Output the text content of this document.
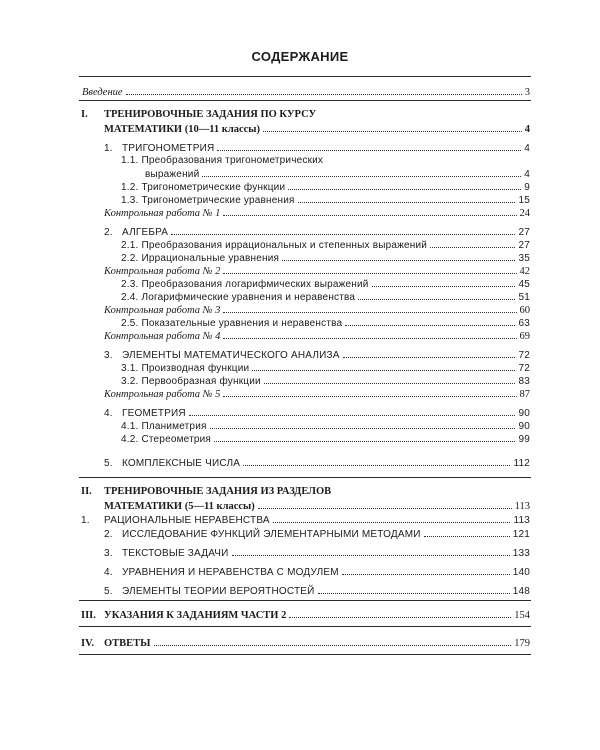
СОДЕРЖАНИЕ
Введение	3
I. ТРЕНИРОВОЧНЫЕ ЗАДАНИЯ ПО КУРСУ
МАТЕМАТИКИ (10—11 классы)	4
1. ТРИГОНОМЕТРИЯ	4
1.1. Преобразования тригонометрических
выражений	4
1.2. Тригонометрические функции	9
1.3. Тригонометрические уравнения	15
Контрольная работа № 1	24
2. АЛГЕБРА	27
2.1. Преобразования иррациональных и степенных выражений	27
2.2. Иррациональные уравнения	35
Контрольная работа № 2	42
2.3. Преобразования логарифмических выражений	45
2.4. Логарифмические уравнения и неравенства	51
Контрольная работа № 3	60
2.5. Показательные уравнения и неравенства	63
Контрольная работа № 4	69
3. ЭЛЕМЕНТЫ МАТЕМАТИЧЕСКОГО АНАЛИЗА	72
3.1. Производная функции	72
3.2. Первообразная функции	83
Контрольная работа № 5	87
4. ГЕОМЕТРИЯ	90
4.1. Планиметрия	90
4.2. Стереометрия	99
5. КОМПЛЕКСНЫЕ ЧИСЛА	112
II. ТРЕНИРОВОЧНЫЕ ЗАДАНИЯ ИЗ РАЗДЕЛОВ
МАТЕМАТИКИ (5—11 классы)	113
1.	РАЦИОНАЛЬНЫЕ НЕРАВЕНСТВА	113
2. ИССЛЕДОВАНИЕ ФУНКЦИЙ ЭЛЕМЕНТАРНЫМИ МЕТОДАМИ	121
3. ТЕКСТОВЫЕ ЗАДАЧИ	133
4. УРАВНЕНИЯ И НЕРАВЕНСТВА С МОДУЛЕМ	140
5. ЭЛЕМЕНТЫ ТЕОРИИ ВЕРОЯТНОСТЕЙ	148
III. УКАЗАНИЯ К ЗАДАНИЯМ ЧАСТИ 2	154
IV. ОТВЕТЫ	179
